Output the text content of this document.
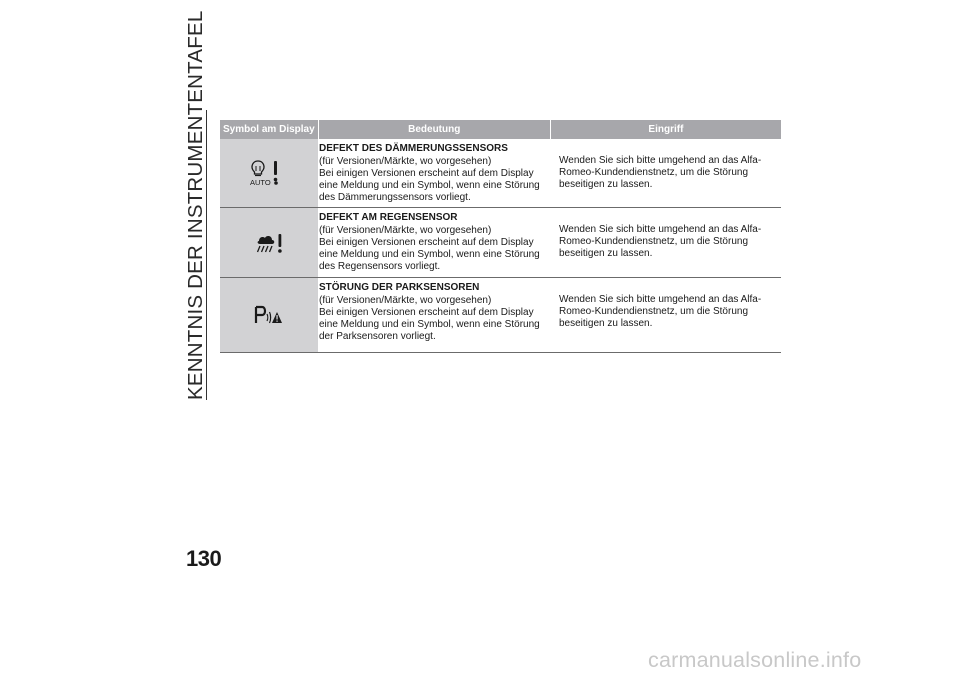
KENNTNIS DER INSTRUMENTENTAFEL
130
Symbol am Display	Bedeutung	Eingriff
AUTO
DEFEKT DES DÄMMERUNGSSENSORS
(für Versionen/Märkte, wo vorgesehen)
Bei einigen Versionen erscheint auf dem Display
eine Meldung und ein Symbol, wenn eine Störung
des Dämmerungssensors vorliegt.
Wenden Sie sich bitte umgehend an das Alfa-
Romeo-Kundendienstnetz, um die Störung
beseitigen zu lassen.
DEFEKT AM REGENSENSOR
(für Versionen/Märkte, wo vorgesehen)
Bei einigen Versionen erscheint auf dem Display
eine Meldung und ein Symbol, wenn eine Störung
des Regensensors vorliegt.
Wenden Sie sich bitte umgehend an das Alfa-
Romeo-Kundendienstnetz, um die Störung
beseitigen zu lassen.
STÖRUNG DER PARKSENSOREN
(für Versionen/Märkte, wo vorgesehen)
Bei einigen Versionen erscheint auf dem Display
eine Meldung und ein Symbol, wenn eine Störung
der Parksensoren vorliegt.
Wenden Sie sich bitte umgehend an das Alfa-
Romeo-Kundendienstnetz, um die Störung
beseitigen zu lassen.
carmanualsonline.info
